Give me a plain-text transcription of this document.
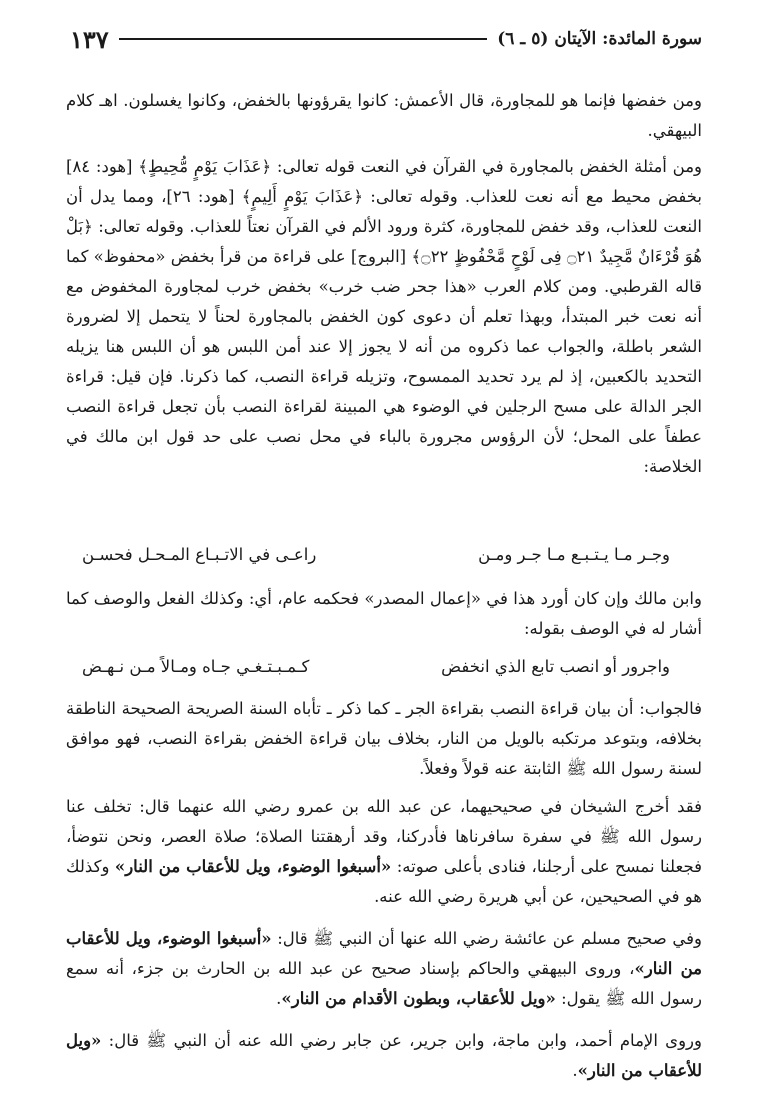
سورة المائدة: الآيتان (٥ ـ ٦)
١٣٧

ومن خفضها فإنما هو للمجاورة، قال الأعمش: كانوا يقرؤونها بالخفض، وكانوا يغسلون. اهـ كلام البيهقي.

ومن أمثلة الخفض بالمجاورة في القرآن في النعت قوله تعالى: ﴿عَذَابَ يَوْمٍ مُّحِيطٍ﴾ [هود: ٨٤] بخفض محيط مع أنه نعت للعذاب. وقوله تعالى: ﴿عَذَابَ يَوْمٍ أَلِيمٍ﴾ [هود: ٢٦]، ومما يدل أن النعت للعذاب، وقد خفض للمجاورة، كثرة ورود الألم في القرآن نعتاً للعذاب. وقوله تعالى: ﴿بَلْ هُوَ قُرْءَانٌ مَّجِيدٌ ۝٢١ فِى لَوْحٍ مَّحْفُوظٍ ۝٢٢﴾ [البروج] على قراءة من قرأ بخفض «محفوظ» كما قاله القرطبي. ومن كلام العرب «هذا جحر ضب خرب» بخفض خرب لمجاورة المخفوض مع أنه نعت خبر المبتدأ، وبهذا تعلم أن دعوى كون الخفض بالمجاورة لحناً لا يتحمل إلا لضرورة الشعر باطلة، والجواب عما ذكروه من أنه لا يجوز إلا عند أمن اللبس هو أن اللبس هنا يزيله التحديد بالكعبين، إذ لم يرد تحديد الممسوح، وتزيله قراءة النصب، كما ذكرنا. فإن قيل: قراءة الجر الدالة على مسح الرجلين في الوضوء هي المبينة لقراءة النصب بأن تجعل قراءة النصب عطفاً على المحل؛ لأن الرؤوس مجرورة بالباء في محل نصب على حد قول ابن مالك في الخلاصة:

وجـر مـا يـتـبـع مـا جـر ومـن
راعـى في الاتـبـاع المـحـل فحسـن

وابن مالك وإن كان أورد هذا في «إعمال المصدر» فحكمه عام، أي: وكذلك الفعل والوصف كما أشار له في الوصف بقوله:

واجرور أو انصب تابع الذي انخفض
كـمـبـتـغـي جـاه ومـالاً مـن نـهـض

فالجواب: أن بيان قراءة النصب بقراءة الجر ـ كما ذكر ـ تأباه السنة الصريحة الصحيحة الناطقة بخلافه، وبتوعد مرتكبه بالويل من النار، بخلاف بيان قراءة الخفض بقراءة النصب، فهو موافق لسنة رسول الله ﷺ الثابتة عنه قولاً وفعلاً.

فقد أخرج الشيخان في صحيحيهما، عن عبد الله بن عمرو رضي الله عنهما قال: تخلف عنا رسول الله ﷺ في سفرة سافرناها فأدركنا، وقد أرهقتنا الصلاة؛ صلاة العصر، ونحن نتوضأ، فجعلنا نمسح على أرجلنا، فنادى بأعلى صوته: «أسبغوا الوضوء، ويل للأعقاب من النار» وكذلك هو في الصحيحين، عن أبي هريرة رضي الله عنه.

وفي صحيح مسلم عن عائشة رضي الله عنها أن النبي ﷺ قال: «أسبغوا الوضوء، ويل للأعقاب من النار»، وروى البيهقي والحاكم بإسناد صحيح عن عبد الله بن الحارث بن جزء، أنه سمع رسول الله ﷺ يقول: «ويل للأعقاب، وبطون الأقدام من النار».

وروى الإمام أحمد، وابن ماجة، وابن جرير، عن جابر رضي الله عنه أن النبي ﷺ قال: «ويل للأعقاب من النار».
